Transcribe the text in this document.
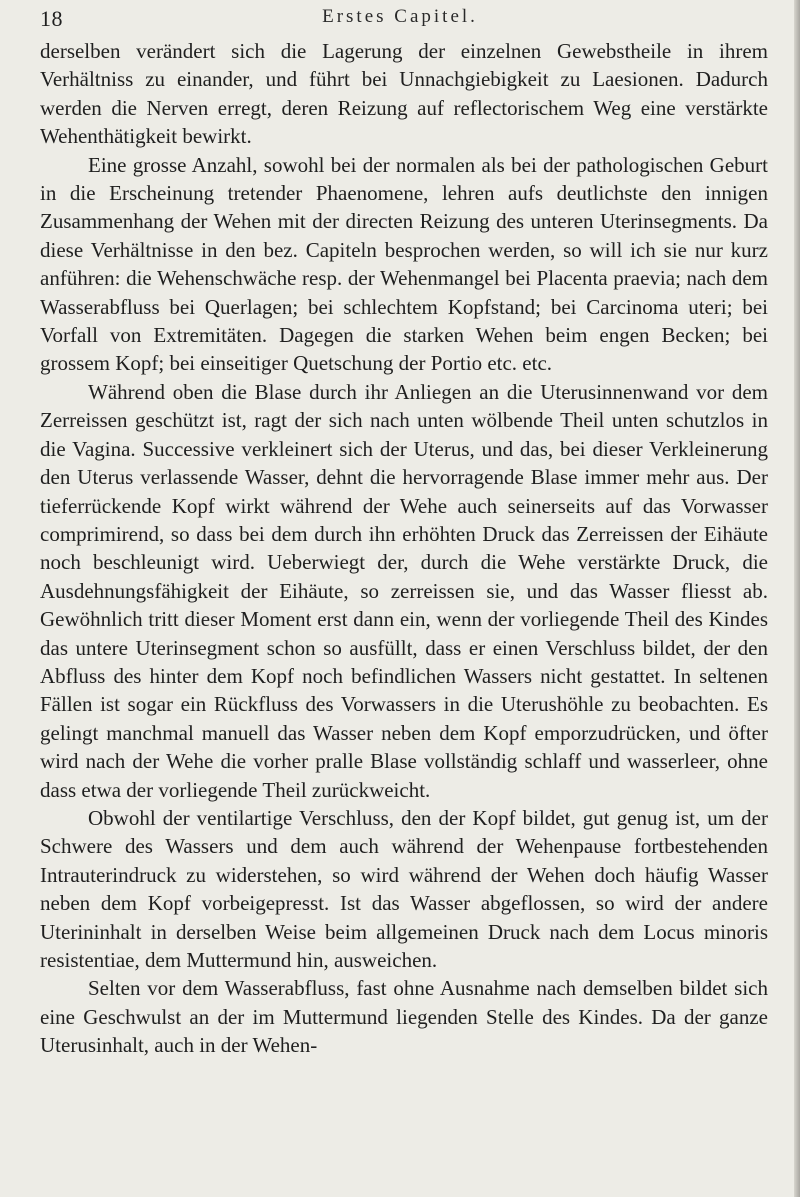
18	Erstes Capitel.

derselben verändert sich die Lagerung der einzelnen Gewebstheile in ihrem Verhältniss zu einander, und führt bei Unnachgiebigkeit zu Laesionen. Dadurch werden die Nerven erregt, deren Reizung auf reflectorischem Weg eine verstärkte Wehenthätigkeit bewirkt.

Eine grosse Anzahl, sowohl bei der normalen als bei der pathologischen Geburt in die Erscheinung tretender Phaenomene, lehren aufs deutlichste den innigen Zusammenhang der Wehen mit der directen Reizung des unteren Uterinsegments. Da diese Verhältnisse in den bez. Capiteln besprochen werden, so will ich sie nur kurz anführen: die Wehenschwäche resp. der Wehenmangel bei Placenta praevia; nach dem Wasserabfluss bei Querlagen; bei schlechtem Kopfstand; bei Carcinoma uteri; bei Vorfall von Extremitäten. Dagegen die starken Wehen beim engen Becken; bei grossem Kopf; bei einseitiger Quetschung der Portio etc. etc.

Während oben die Blase durch ihr Anliegen an die Uterusinnenwand vor dem Zerreissen geschützt ist, ragt der sich nach unten wölbende Theil unten schutzlos in die Vagina. Successive verkleinert sich der Uterus, und das, bei dieser Verkleinerung den Uterus verlassende Wasser, dehnt die hervorragende Blase immer mehr aus. Der tieferrückende Kopf wirkt während der Wehe auch seinerseits auf das Vorwasser comprimirend, so dass bei dem durch ihn erhöhten Druck das Zerreissen der Eihäute noch beschleunigt wird. Ueberwiegt der, durch die Wehe verstärkte Druck, die Ausdehnungsfähigkeit der Eihäute, so zerreissen sie, und das Wasser fliesst ab. Gewöhnlich tritt dieser Moment erst dann ein, wenn der vorliegende Theil des Kindes das untere Uterinsegment schon so ausfüllt, dass er einen Verschluss bildet, der den Abfluss des hinter dem Kopf noch befindlichen Wassers nicht gestattet. In seltenen Fällen ist sogar ein Rückfluss des Vorwassers in die Uterushöhle zu beobachten. Es gelingt manchmal manuell das Wasser neben dem Kopf emporzudrücken, und öfter wird nach der Wehe die vorher pralle Blase vollständig schlaff und wasserleer, ohne dass etwa der vorliegende Theil zurückweicht.

Obwohl der ventilartige Verschluss, den der Kopf bildet, gut genug ist, um der Schwere des Wassers und dem auch während der Wehenpause fortbestehenden Intrauterindruck zu widerstehen, so wird während der Wehen doch häufig Wasser neben dem Kopf vorbeigepresst. Ist das Wasser abgeflossen, so wird der andere Uterininhalt in derselben Weise beim allgemeinen Druck nach dem Locus minoris resistentiae, dem Muttermund hin, ausweichen.

Selten vor dem Wasserabfluss, fast ohne Ausnahme nach demselben bildet sich eine Geschwulst an der im Muttermund liegenden Stelle des Kindes. Da der ganze Uterusinhalt, auch in der Wehen-
